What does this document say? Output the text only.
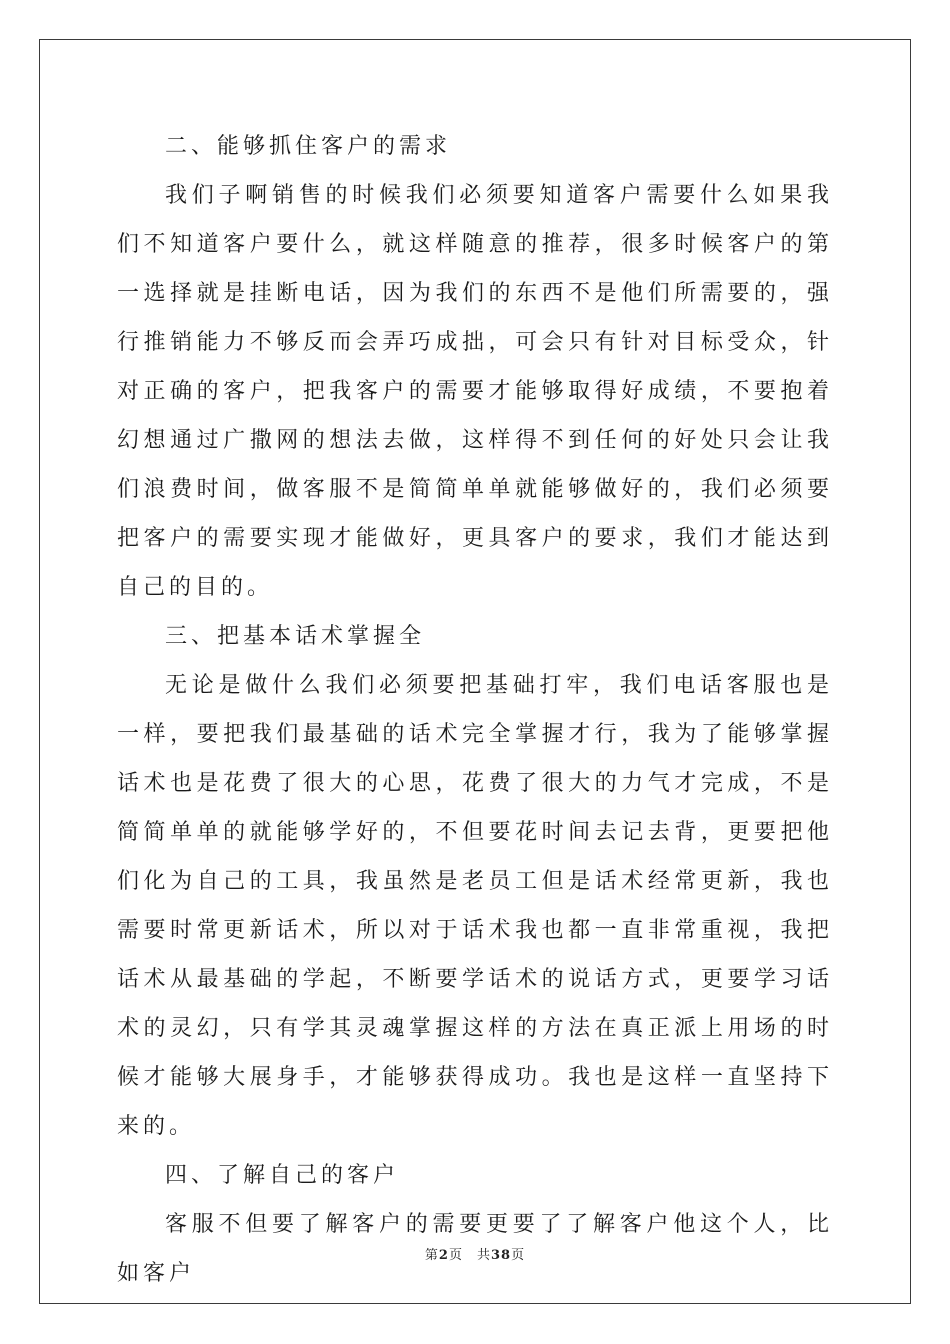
二、能够抓住客户的需求

我们子啊销售的时候我们必须要知道客户需要什么如果我们不知道客户要什么，就这样随意的推荐，很多时候客户的第一选择就是挂断电话，因为我们的东西不是他们所需要的，强行推销能力不够反而会弄巧成拙，可会只有针对目标受众，针对正确的客户，把我客户的需要才能够取得好成绩，不要抱着幻想通过广撒网的想法去做，这样得不到任何的好处只会让我们浪费时间，做客服不是简简单单就能够做好的，我们必须要把客户的需要实现才能做好，更具客户的要求，我们才能达到自己的目的。

三、把基本话术掌握全

无论是做什么我们必须要把基础打牢，我们电话客服也是一样，要把我们最基础的话术完全掌握才行，我为了能够掌握话术也是花费了很大的心思，花费了很大的力气才完成，不是简简单单的就能够学好的，不但要花时间去记去背，更要把他们化为自己的工具，我虽然是老员工但是话术经常更新，我也需要时常更新话术，所以对于话术我也都一直非常重视，我把话术从最基础的学起，不断要学话术的说话方式，更要学习话术的灵幻，只有学其灵魂掌握这样的方法在真正派上用场的时候才能够大展身手，才能够获得成功。我也是这样一直坚持下来的。

四、了解自己的客户

客服不但要了解客户的需要更要了了解客户他这个人，比如客户

第2页 共38页
